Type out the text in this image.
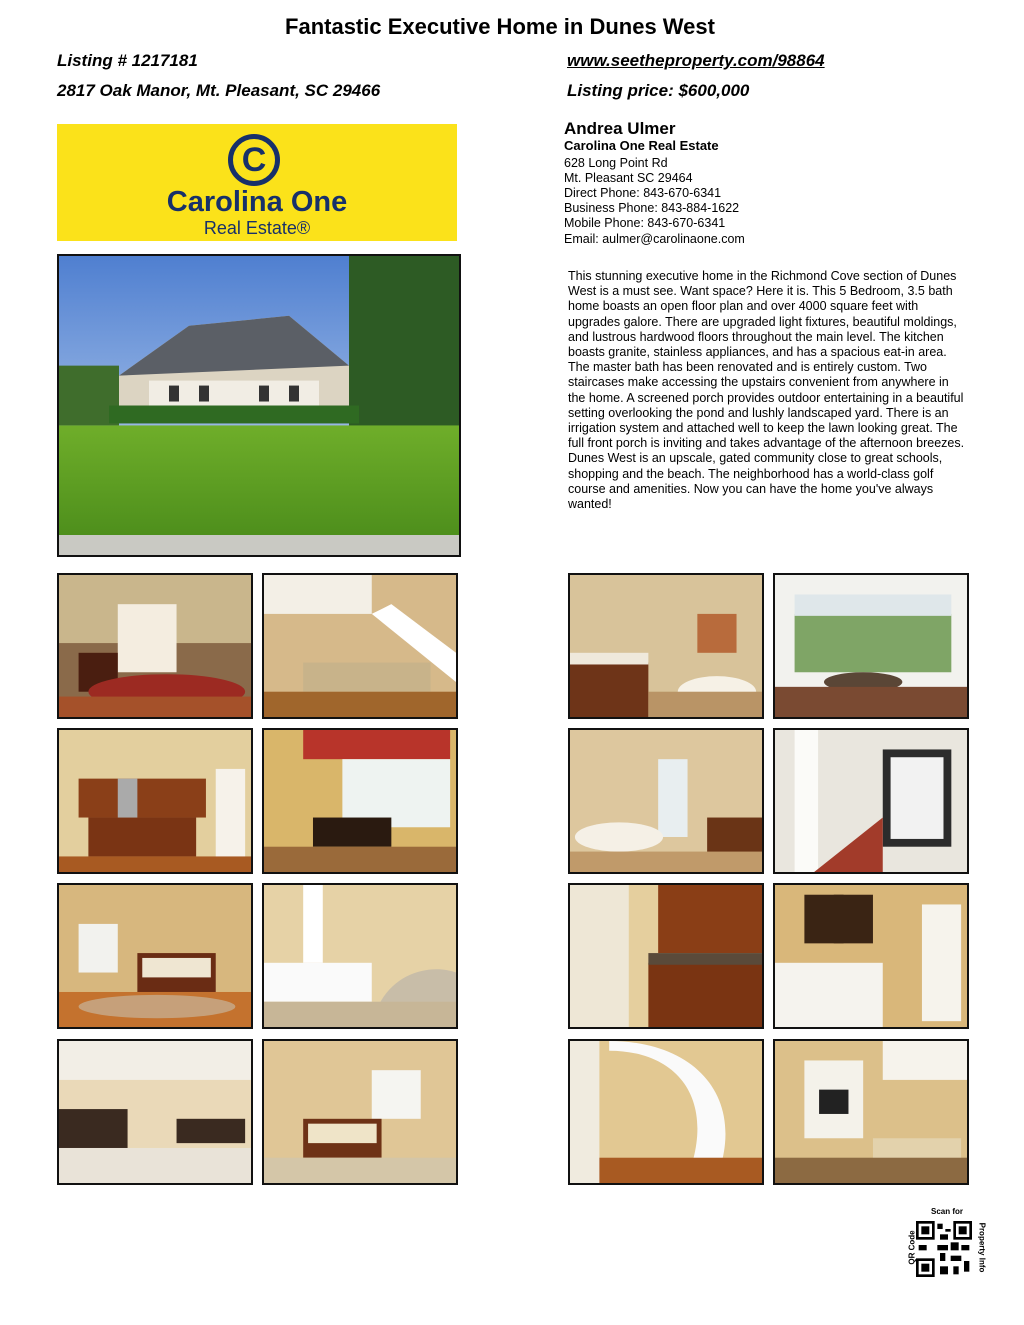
Fantastic Executive Home in Dunes West
Listing # 1217181	www.seetheproperty.com/98864
2817 Oak Manor, Mt. Pleasant, SC 29466	Listing price: $600,000
C
Carolina One
Real Estate®
Andrea Ulmer
Carolina One Real Estate
628 Long Point Rd
Mt. Pleasant SC 29464
Direct Phone: 843-670-6341
Business Phone: 843-884-1622
Mobile Phone: 843-670-6341
Email: aulmer@carolinaone.com
This stunning executive home in the Richmond Cove section of Dunes West is a must see. Want space? Here it is. This 5 Bedroom, 3.5 bath home boasts an open floor plan and over 4000 square feet with upgrades galore. There are upgraded light fixtures, beautiful moldings, and lustrous hardwood floors throughout the main level. The kitchen boasts granite, stainless appliances, and has a spacious eat-in area. The master bath has been renovated and is entirely custom. Two staircases make accessing the upstairs convenient from anywhere in the home. A screened porch provides outdoor entertaining in a beautiful setting overlooking the pond and lushly landscaped yard. There is an irrigation system and attached well to keep the lawn looking great. The full front porch is inviting and takes advantage of the afternoon breezes. Dunes West is an upscale, gated community close to great schools, shopping and the beach. The neighborhood has a world-class golf course and amenities. Now you can have the home you've always wanted!
Scan for
QR Code	Property Info
